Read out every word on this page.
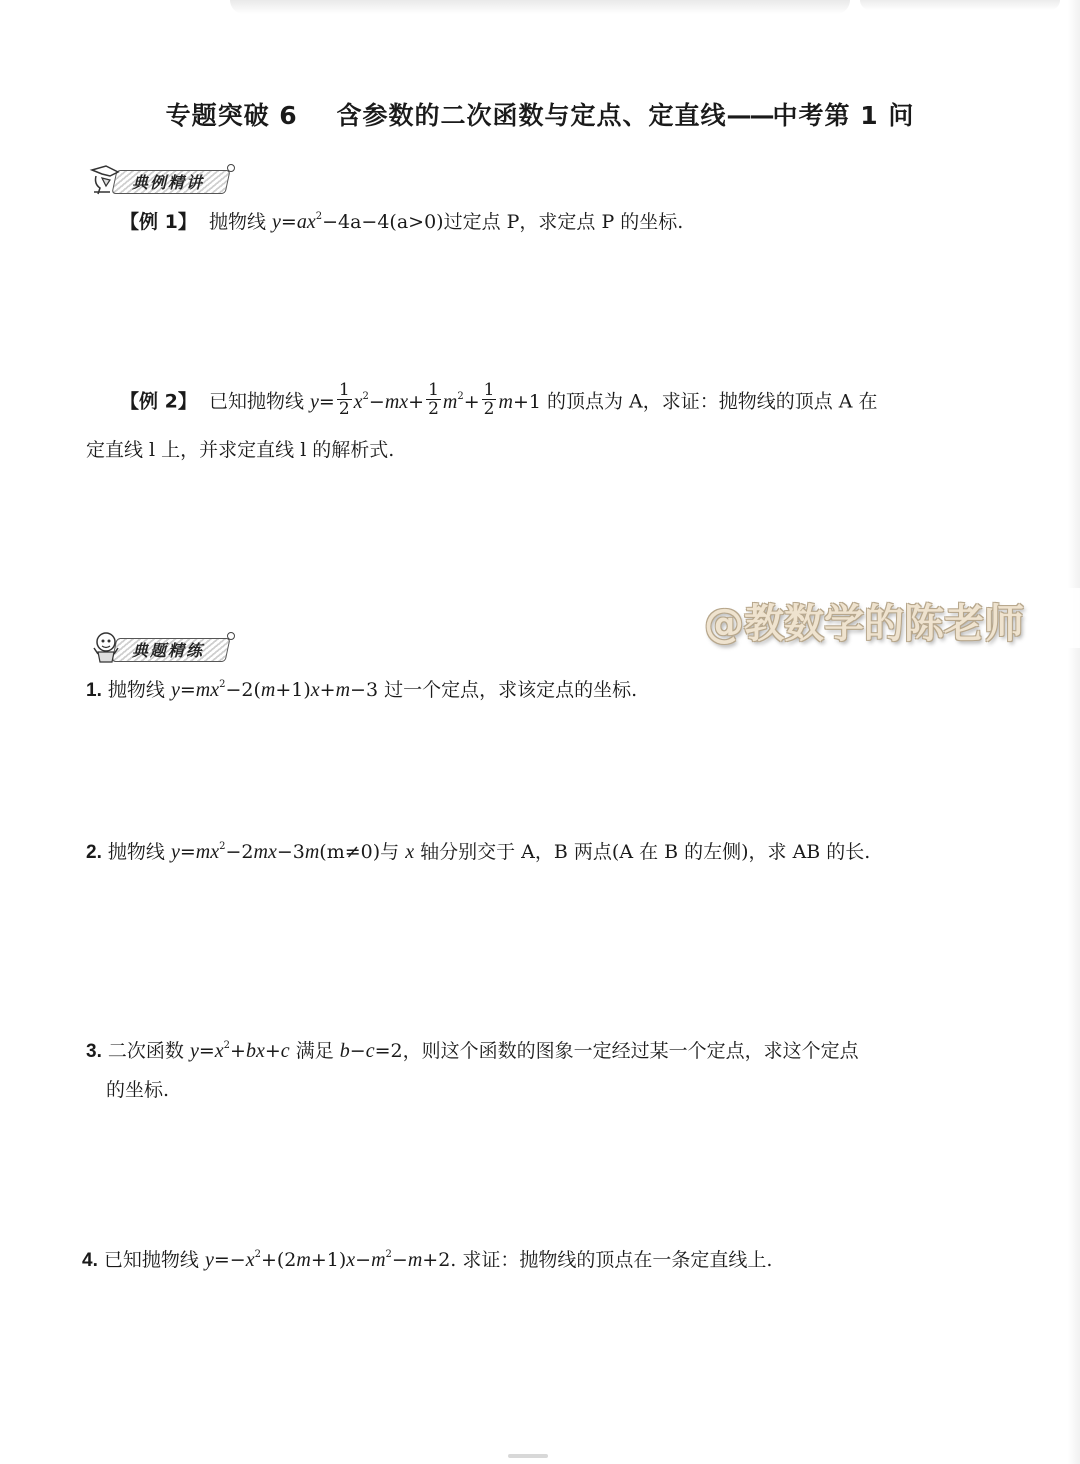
专题突破 6 含参数的二次函数与定点、定直线——中考第 1 问
典例精讲
【例 1】 抛物线 $y=ax^2-4a-4(a>0)$过定点 P，求定点 P 的坐标.
【例 2】 已知抛物线 $y= \frac{1}{2} x^2-mx+ \frac{1}{2} m^2+ \frac{1}{2} m+1$ 的顶点为 A，求证：抛物线的顶点 A 在
定直线 l 上，并求定直线 l 的解析式.
@教数学的陈老师
典题精练
1. 抛物线 $y=mx^2-2(m+1)x+m-3$ 过一个定点，求该定点的坐标.
2. 抛物线 $y=mx^2-2mx-3m(m\ne 0)$与 x 轴分别交于 A，B 两点(A 在 B 的左侧)，求 AB 的长.
3. 二次函数 $y=x^2+bx+c$ 满足 b−c=2，则这个函数的图象一定经过某一个定点，求这个定点
的坐标.
4. 已知抛物线 $y=-x^2+(2m+1)x-m^2-m+2$. 求证：抛物线的顶点在一条定直线上.
